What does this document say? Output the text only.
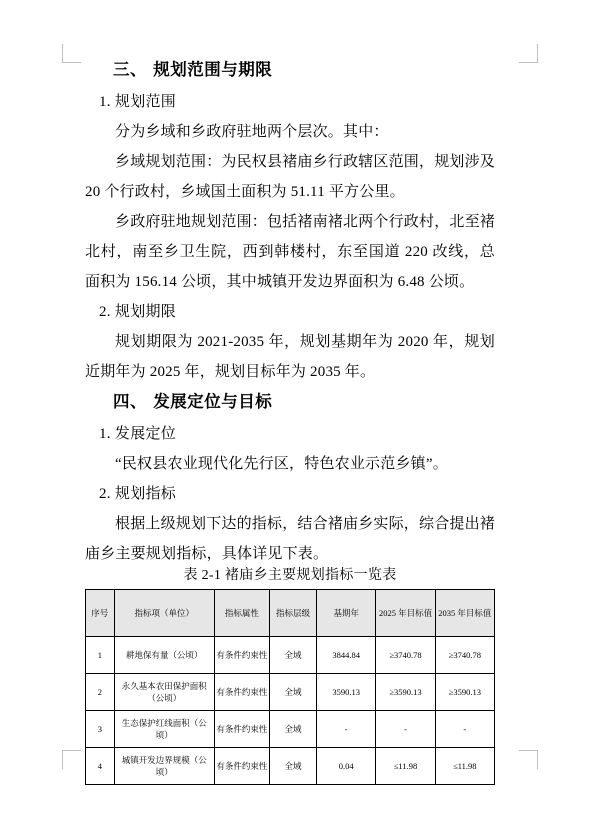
三、 规划范围与期限
1. 规划范围

分为乡域和乡政府驻地两个层次。其中：

乡域规划范围：为民权县褚庙乡行政辖区范围，规划涉及 20 个行政村，乡域国土面积为 51.11 平方公里。

乡政府驻地规划范围：包括褚南褚北两个行政村，北至褚北村，南至乡卫生院，西到韩楼村，东至国道 220 改线，总面积为 156.14 公顷，其中城镇开发边界面积为 6.48 公顷。

2. 规划期限

规划期限为 2021-2035 年，规划基期年为 2020 年，规划近期年为 2025 年，规划目标年为 2035 年。

四、 发展定位与目标
1. 发展定位

“民权县农业现代化先行区，特色农业示范乡镇”。

2. 规划指标

根据上级规划下达的指标，结合褚庙乡实际，综合提出褚庙乡主要规划指标，具体详见下表。

表 2-1 褚庙乡主要规划指标一览表
序号	指标项（单位）	指标属性	指标层级	基期年	2025 年目标值	2035 年目标值
1	耕地保有量（公顷）	有条件约束性	全域	3844.84	≥3740.78	≥3740.78
2	永久基本农田保护面积（公顷）	有条件约束性	全域	3590.13	≥3590.13	≥3590.13
3	生态保护红线面积（公顷）	有条件约束性	全域	-	-	-
4	城镇开发边界规模（公顷）	有条件约束性	全域	0.04	≤11.98	≤11.98
